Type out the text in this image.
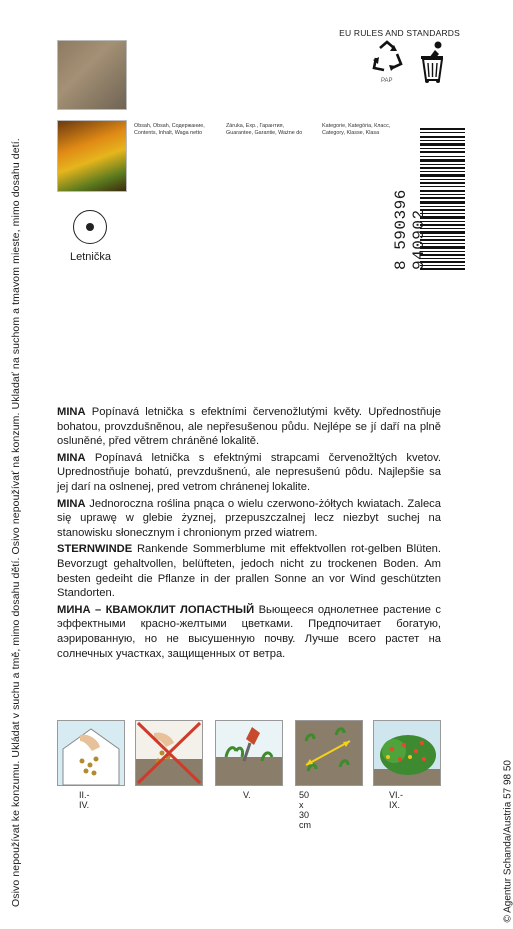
Osivo nepoužívat ke konzumu. Ukládat v suchu a tmě, mimo dosahu dětí. Osivo nepoužívať na konzum. Ukladať na suchom a tmavom mieste, mimo dosahu detí.	© Agentur Schanda/Austria 57 98 50
Letnička
Obsah, Obsah, Содержание,
Contents, Inhalt, Waga netto
Záruka, Exp., Гарантия,
Guarantee, Garantie, Ważne do
Kategorie, Kategória, Класс,
Category, Klasse, Klasa
EU RULES AND STANDARDS
PAP
8 590396 940902

MINA Popínavá letnička s efektními červenožlutými květy. Upřednostňuje bohatou, provzdušněnou, ale nepřesušenou půdu. Nejlépe se jí daří na plně osluněné, před větrem chráněné lokalitě.

MINA Popínavá letnička s efektnými strapcami červenožltých kvetov. Uprednostňuje bohatú, prevzdušnenú, ale nepresušenú pôdu. Najlepšie sa jej darí na oslnenej, pred vetrom chránenej lokalite.

MINA Jednoroczna roślina pnąca o wielu czerwono-żółtych kwiatach. Zaleca się uprawę w glebie żyznej, przepuszczalnej lecz niezbyt suchej na stanowisku słonecznym i chronionym przed wiatrem.

STERNWINDE Rankende Sommerblume mit effektvollen rot-gelben Blüten. Bevorzugt gehaltvollen, belüfteten, jedoch nicht zu trockenen Boden. Am besten gedeiht die Pflanze in der prallen Sonne an vor Wind geschützten Standorten.

МИНА – КВАМОКЛИТ ЛОПАСТНЫЙ Вьющееся однолетнее растение с эффектными красно-желтыми цветками. Предпочитает богатую, аэрированную, но не высушенную почву. Лучше всего растет на солнечных участках, защищенных от ветра.

II.-IV.
V.	50 x 30 cm
VI.-IX.
